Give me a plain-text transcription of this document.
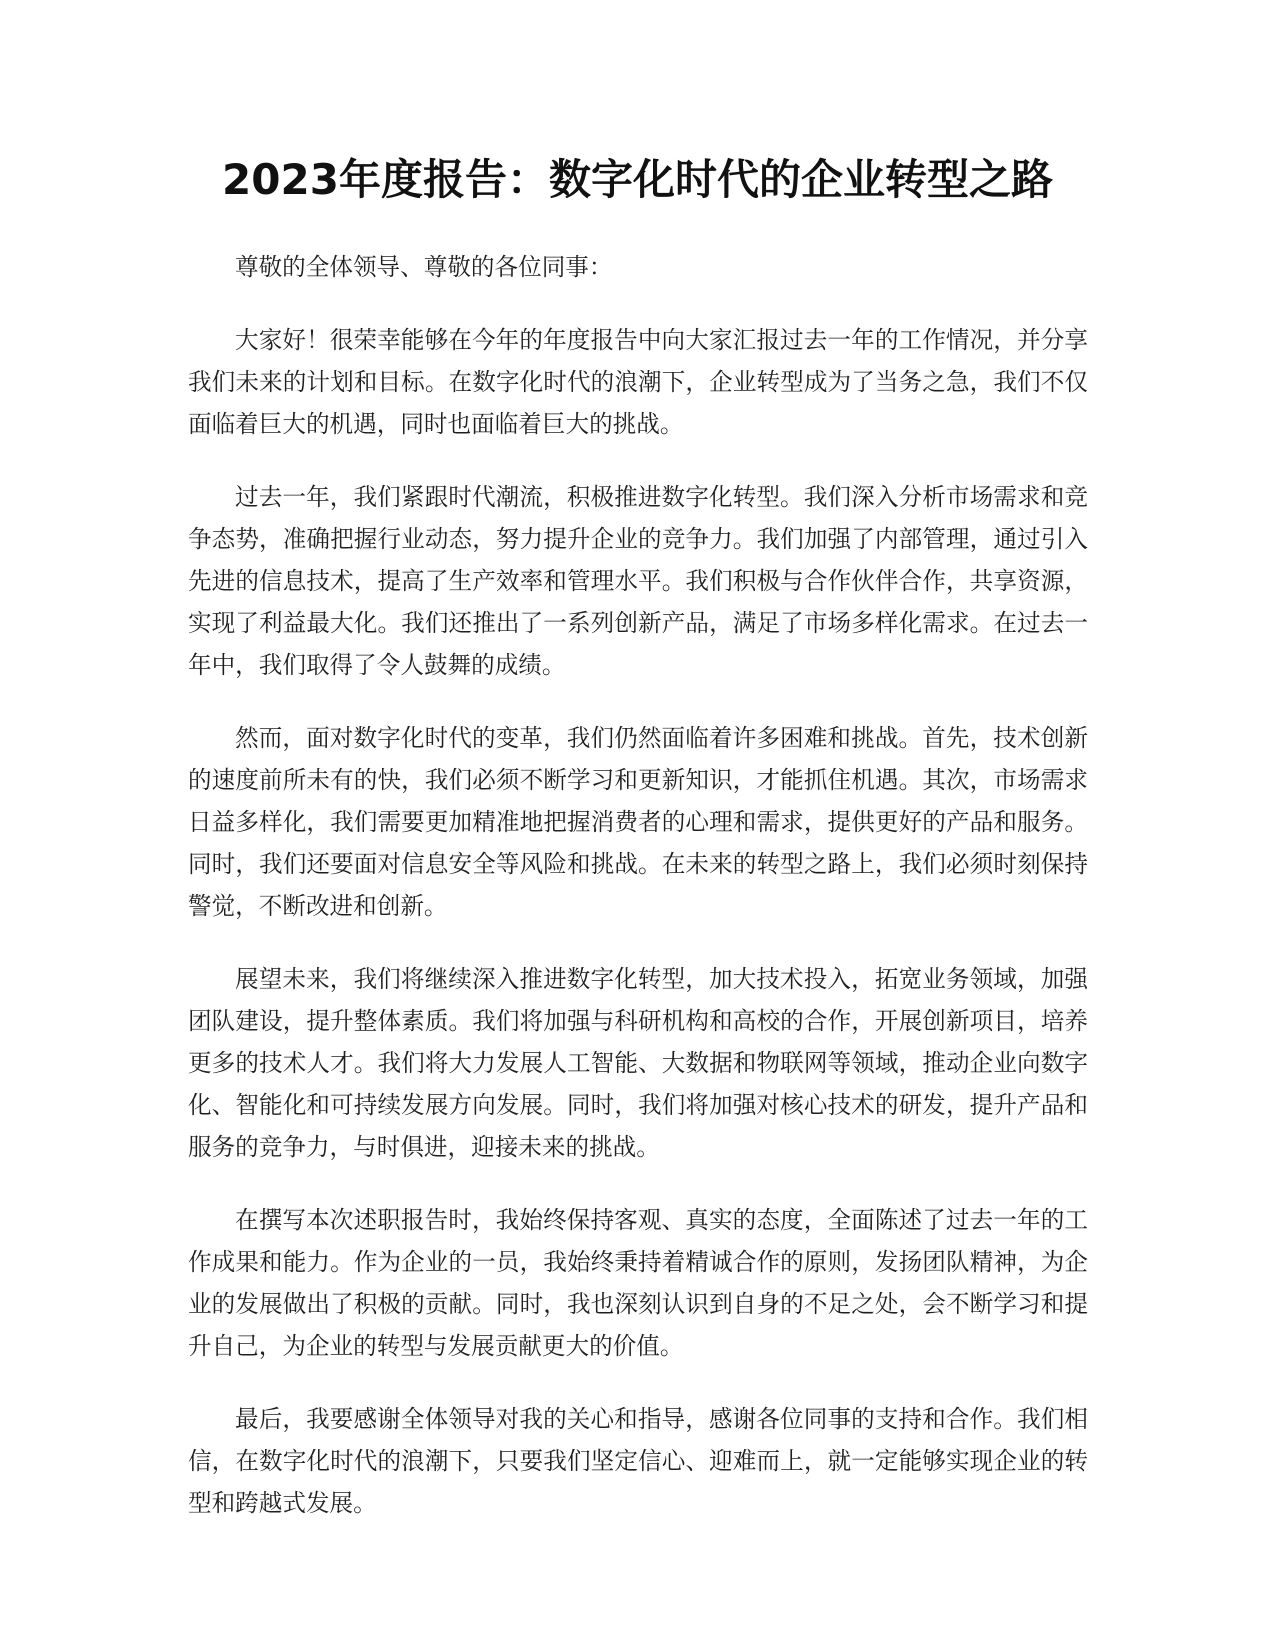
2023年度报告：数字化时代的企业转型之路

尊敬的全体领导、尊敬的各位同事：

大家好！很荣幸能够在今年的年度报告中向大家汇报过去一年的工作情况，并分享我们未来的计划和目标。在数字化时代的浪潮下，企业转型成为了当务之急，我们不仅面临着巨大的机遇，同时也面临着巨大的挑战。

过去一年，我们紧跟时代潮流，积极推进数字化转型。我们深入分析市场需求和竞争态势，准确把握行业动态，努力提升企业的竞争力。我们加强了内部管理，通过引入先进的信息技术，提高了生产效率和管理水平。我们积极与合作伙伴合作，共享资源，实现了利益最大化。我们还推出了一系列创新产品，满足了市场多样化需求。在过去一年中，我们取得了令人鼓舞的成绩。

然而，面对数字化时代的变革，我们仍然面临着许多困难和挑战。首先，技术创新的速度前所未有的快，我们必须不断学习和更新知识，才能抓住机遇。其次，市场需求日益多样化，我们需要更加精准地把握消费者的心理和需求，提供更好的产品和服务。同时，我们还要面对信息安全等风险和挑战。在未来的转型之路上，我们必须时刻保持警觉，不断改进和创新。

展望未来，我们将继续深入推进数字化转型，加大技术投入，拓宽业务领域，加强团队建设，提升整体素质。我们将加强与科研机构和高校的合作，开展创新项目，培养更多的技术人才。我们将大力发展人工智能、大数据和物联网等领域，推动企业向数字化、智能化和可持续发展方向发展。同时，我们将加强对核心技术的研发，提升产品和服务的竞争力，与时俱进，迎接未来的挑战。

在撰写本次述职报告时，我始终保持客观、真实的态度，全面陈述了过去一年的工作成果和能力。作为企业的一员，我始终秉持着精诚合作的原则，发扬团队精神，为企业的发展做出了积极的贡献。同时，我也深刻认识到自身的不足之处，会不断学习和提升自己，为企业的转型与发展贡献更大的价值。

最后，我要感谢全体领导对我的关心和指导，感谢各位同事的支持和合作。我们相信，在数字化时代的浪潮下，只要我们坚定信心、迎难而上，就一定能够实现企业的转型和跨越式发展。
